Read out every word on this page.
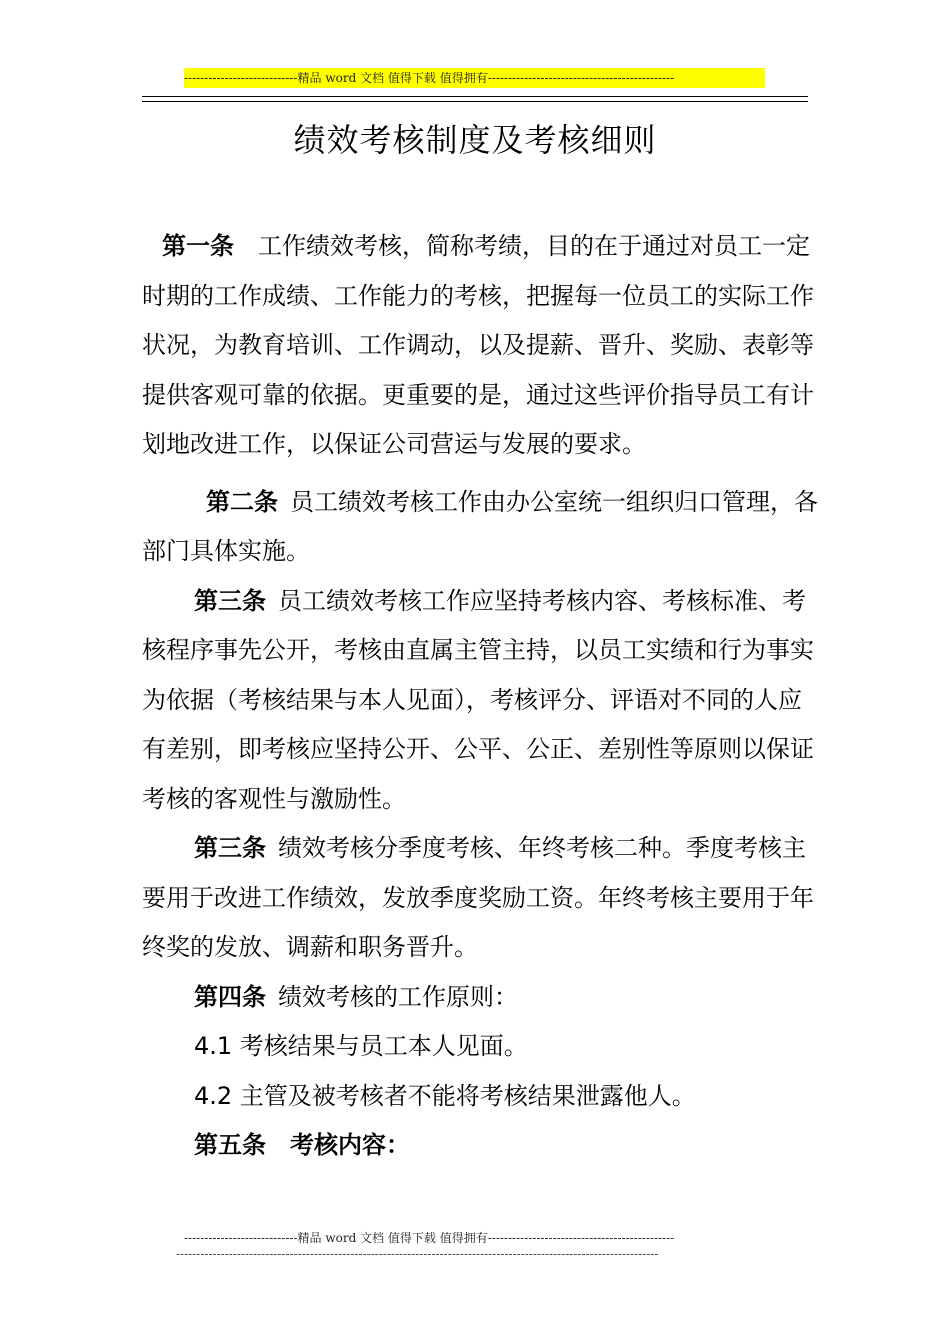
----------------------------精品 word 文档 值得下载 值得拥有----------------------------------------------
绩效考核制度及考核细则

第一条  工作绩效考核，简称考绩，目的在于通过对员工一定时期的工作成绩、工作能力的考核，把握每一位员工的实际工作状况，为教育培训、工作调动，以及提薪、晋升、奖励、表彰等提供客观可靠的依据。更重要的是，通过这些评价指导员工有计划地改进工作，以保证公司营运与发展的要求。

第二条  员工绩效考核工作由办公室统一组织归口管理，各部门具体实施。

第三条  员工绩效考核工作应坚持考核内容、考核标准、考核程序事先公开，考核由直属主管主持，以员工实绩和行为事实为依据（考核结果与本人见面），考核评分、评语对不同的人应有差别，即考核应坚持公开、公平、公正、差别性等原则以保证考核的客观性与激励性。

第三条  绩效考核分季度考核、年终考核二种。季度考核主要用于改进工作绩效，发放季度奖励工资。年终考核主要用于年终奖的发放、调薪和职务晋升。

第四条  绩效考核的工作原则：

4.1 考核结果与员工本人见面。

4.2 主管及被考核者不能将考核结果泄露他人。

第五条  考核内容：

----------------------------精品 word 文档 值得下载 值得拥有----------------------------------------------
-----------------------------------------------------------------------------------------------------------------------
